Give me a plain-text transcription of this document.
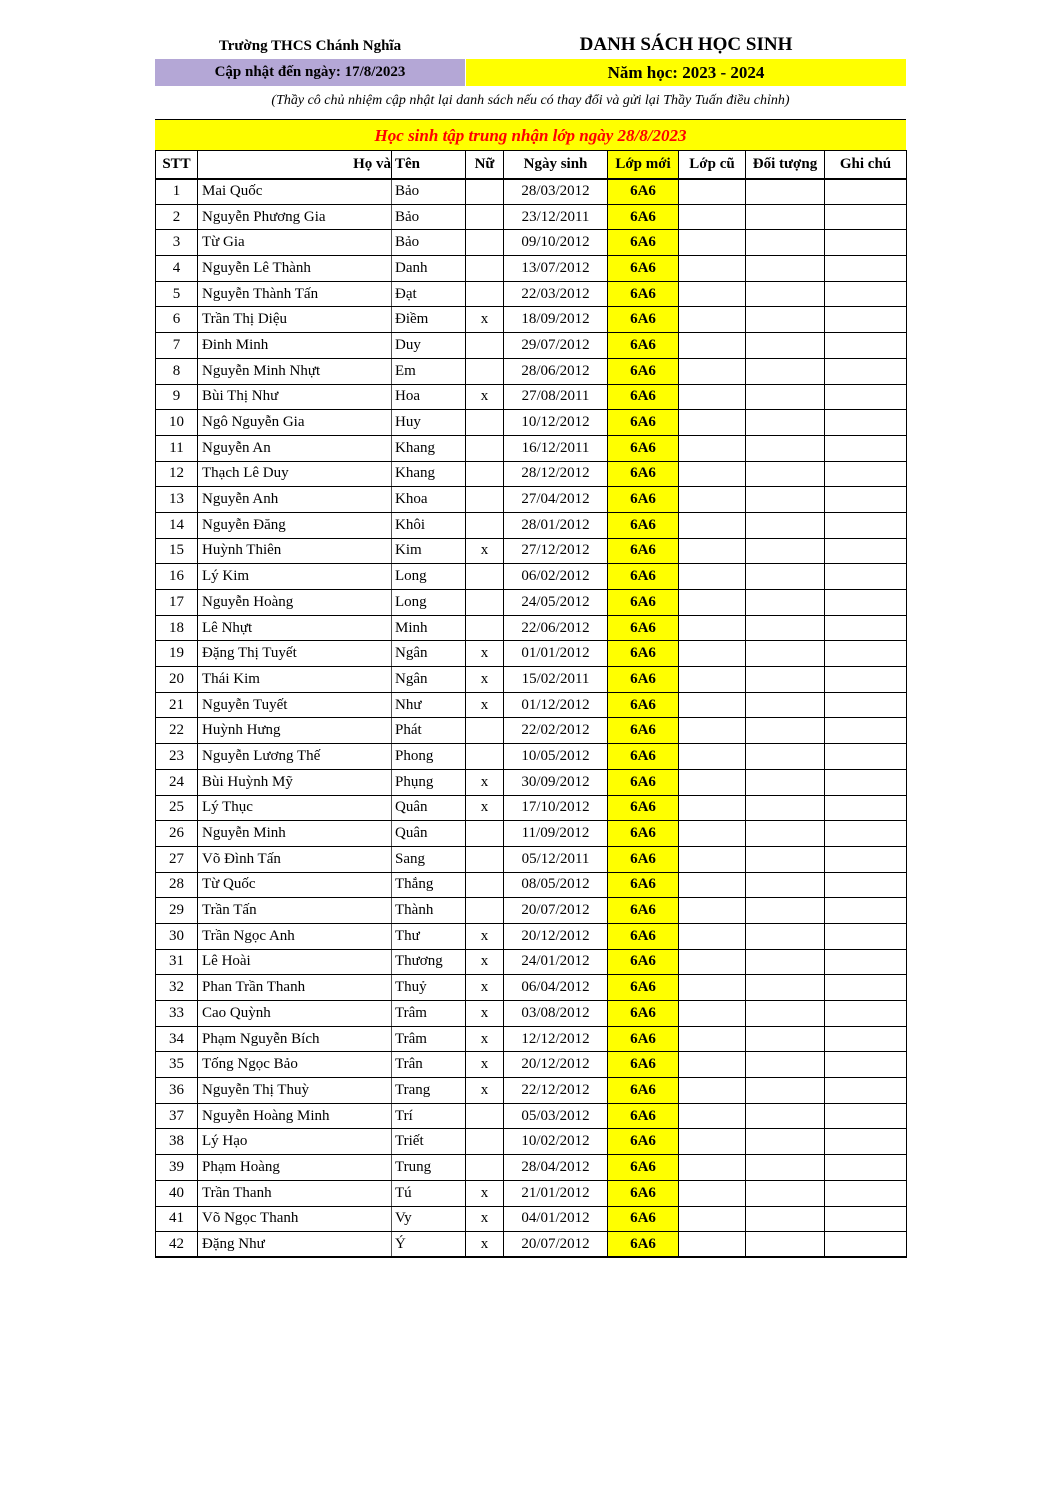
Trường THCS Chánh Nghĩa	DANH SÁCH HỌC SINH
Cập nhật đến ngày: 17/8/2023	Năm học: 2023 - 2024
(Thầy cô chủ nhiệm cập nhật lại danh sách nếu có thay đổi và gửi lại Thầy Tuấn điều chỉnh)
Học sinh tập trung nhận lớp ngày 28/8/2023
STT	Họ và	Tên	Nữ	Ngày sinh	Lớp mới	Lớp cũ	Đối tượng	Ghi chú
1	Mai Quốc	Bảo		28/03/2012	6A6			
2	Nguyễn Phương Gia	Bảo		23/12/2011	6A6			
3	Từ Gia	Bảo		09/10/2012	6A6			
4	Nguyễn Lê Thành	Danh		13/07/2012	6A6			
5	Nguyễn Thành Tấn	Đạt		22/03/2012	6A6			
6	Trần Thị Diệu	Điềm	x	18/09/2012	6A6			
7	Đinh Minh	Duy		29/07/2012	6A6			
8	Nguyễn Minh Nhựt	Em		28/06/2012	6A6			
9	Bùi Thị Như	Hoa	x	27/08/2011	6A6			
10	Ngô Nguyễn Gia	Huy		10/12/2012	6A6			
11	Nguyễn An	Khang		16/12/2011	6A6			
12	Thạch Lê Duy	Khang		28/12/2012	6A6			
13	Nguyễn Anh	Khoa		27/04/2012	6A6			
14	Nguyễn Đăng	Khôi		28/01/2012	6A6			
15	Huỳnh Thiên	Kim	x	27/12/2012	6A6			
16	Lý Kim	Long		06/02/2012	6A6			
17	Nguyễn Hoàng	Long		24/05/2012	6A6			
18	Lê Nhựt	Minh		22/06/2012	6A6			
19	Đặng Thị Tuyết	Ngân	x	01/01/2012	6A6			
20	Thái Kim	Ngân	x	15/02/2011	6A6			
21	Nguyễn Tuyết	Như	x	01/12/2012	6A6			
22	Huỳnh Hưng	Phát		22/02/2012	6A6			
23	Nguyễn Lương Thế	Phong		10/05/2012	6A6			
24	Bùi Huỳnh Mỹ	Phụng	x	30/09/2012	6A6			
25	Lý Thục	Quân	x	17/10/2012	6A6			
26	Nguyễn Minh	Quân		11/09/2012	6A6			
27	Võ Đình Tấn	Sang		05/12/2011	6A6			
28	Từ Quốc	Thắng		08/05/2012	6A6			
29	Trần Tấn	Thành		20/07/2012	6A6			
30	Trần Ngọc Anh	Thư	x	20/12/2012	6A6			
31	Lê Hoài	Thương	x	24/01/2012	6A6			
32	Phan Trần Thanh	Thuỷ	x	06/04/2012	6A6			
33	Cao Quỳnh	Trâm	x	03/08/2012	6A6			
34	Phạm Nguyễn Bích	Trâm	x	12/12/2012	6A6			
35	Tống Ngọc Bảo	Trân	x	20/12/2012	6A6			
36	Nguyễn Thị Thuỳ	Trang	x	22/12/2012	6A6			
37	Nguyễn Hoàng Minh	Trí		05/03/2012	6A6			
38	Lý Hạo	Triết		10/02/2012	6A6			
39	Phạm Hoàng	Trung		28/04/2012	6A6			
40	Trần Thanh	Tú	x	21/01/2012	6A6			
41	Võ Ngọc Thanh	Vy	x	04/01/2012	6A6			
42	Đặng Như	Ý	x	20/07/2012	6A6			
